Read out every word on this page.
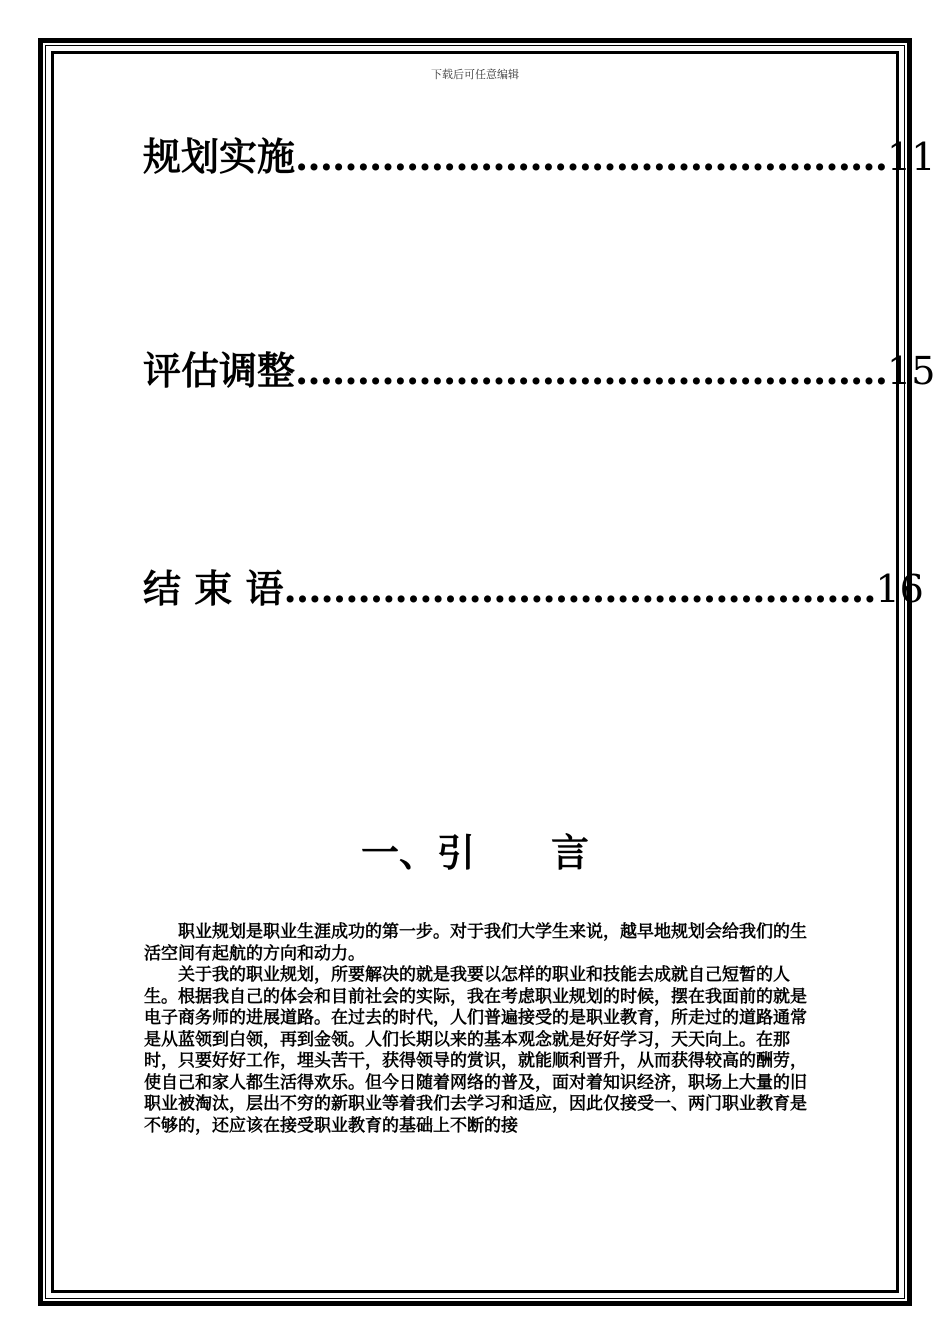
下载后可任意编辑
规划实施…………………………………………11
评估调整…………………………………………15
结 束 语…………………………………………16
一、引　　言

职业规划是职业生涯成功的第一步。对于我们大学生来说，越早地规划会给我们的生活空间有起航的方向和动力。

关于我的职业规划，所要解决的就是我要以怎样的职业和技能去成就自己短暂的人生。根据我自己的体会和目前社会的实际，我在考虑职业规划的时候，摆在我面前的就是电子商务师的进展道路。在过去的时代，人们普遍接受的是职业教育，所走过的道路通常是从蓝领到白领，再到金领。人们长期以来的基本观念就是好好学习，天天向上。在那时，只要好好工作，埋头苦干，获得领导的赏识，就能顺利晋升，从而获得较高的酬劳，使自己和家人都生活得欢乐。但今日随着网络的普及，面对着知识经济，职场上大量的旧职业被淘汰，层出不穷的新职业等着我们去学习和适应，因此仅接受一、两门职业教育是不够的，还应该在接受职业教育的基础上不断的接
